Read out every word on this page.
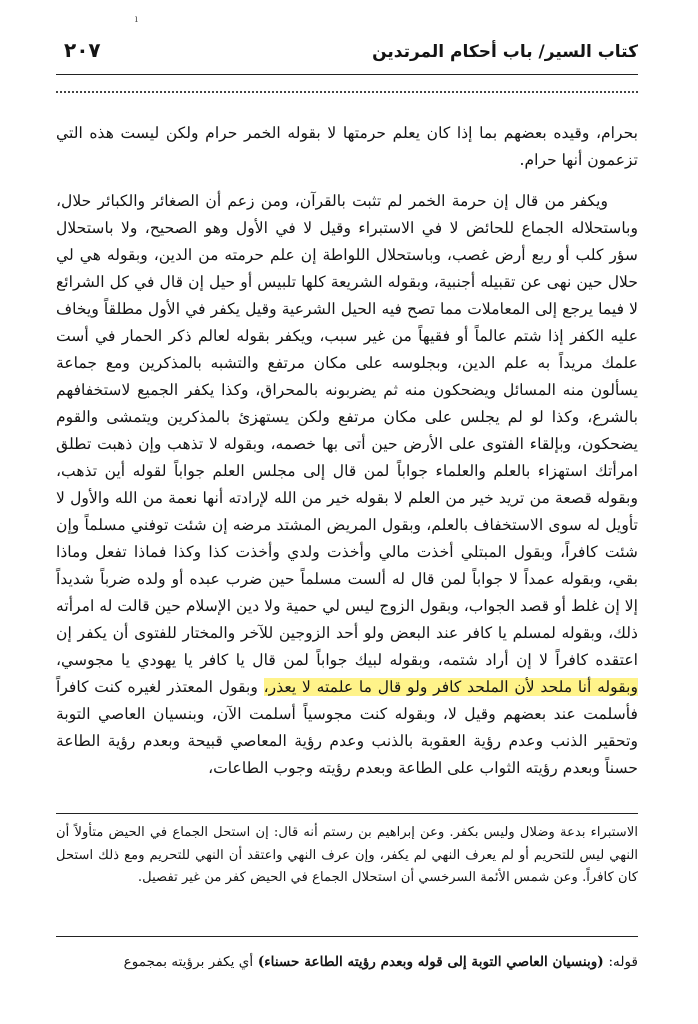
ı
كتاب السير/ باب أحكام المرتدين
٢٠٧

بحرام، وقيده بعضهم بما إذا كان يعلم حرمتها لا بقوله الخمر حرام ولكن ليست هذه التي تزعمون أنها حرام.

ويكفر من قال إن حرمة الخمر لم تثبت بالقرآن، ومن زعم أن الصغائر والكبائر حلال، وباستحلاله الجماع للحائض لا في الاستبراء وقيل لا في الأول وهو الصحيح، ولا باستحلال سؤر كلب أو ربع أرض غصب، وباستحلال اللواطة إن علم حرمته من الدين، وبقوله هي لي حلال حين نهى عن تقبيله أجنبية، وبقوله الشريعة كلها تلبيس أو حيل إن قال في كل الشرائع لا فيما يرجع إلى المعاملات مما تصح فيه الحيل الشرعية وقيل يكفر في الأول مطلقاً ويخاف عليه الكفر إذا شتم عالماً أو فقيهاً من غير سبب، ويكفر بقوله لعالم ذكر الحمار في أست علمك مريداً به علم الدين، وبجلوسه على مكان مرتفع والتشبه بالمذكرين ومع جماعة يسألون منه المسائل ويضحكون منه ثم يضربونه بالمحراق، وكذا يكفر الجميع لاستخفافهم بالشرع، وكذا لو لم يجلس على مكان مرتفع ولكن يستهزئ بالمذكرين ويتمشى والقوم يضحكون، وبإلقاء الفتوى على الأرض حين أتى بها خصمه، وبقوله لا تذهب وإن ذهبت تطلق امرأتك استهزاء بالعلم والعلماء جواباً لمن قال إلى مجلس العلم جواباً لقوله أين تذهب، وبقوله قصعة من تريد خير من العلم لا بقوله خير من الله لإرادته أنها نعمة من الله والأول لا تأويل له سوى الاستخفاف بالعلم، وبقول المريض المشتد مرضه إن شئت توفني مسلماً وإن شئت كافراً، وبقول المبتلي أخذت مالي وأخذت ولدي وأخذت كذا وكذا فماذا تفعل وماذا بقي، وبقوله عمداً لا جواباً لمن قال له ألست مسلماً حين ضرب عبده أو ولده ضرباً شديداً إلا إن غلط أو قصد الجواب، وبقول الزوج ليس لي حمية ولا دين الإسلام حين قالت له امرأته ذلك، وبقوله لمسلم يا كافر عند البعض ولو أحد الزوجين للآخر والمختار للفتوى أن يكفر إن اعتقده كافراً لا إن أراد شتمه، وبقوله لبيك جواباً لمن قال يا كافر يا يهودي يا مجوسي، وبقوله أنا ملحد لأن الملحد كافر ولو قال ما علمته لا يعذر، وبقول المعتذر لغيره كنت كافراً فأسلمت عند بعضهم وقيل لا، وبقوله كنت مجوسياً أسلمت الآن، وبنسيان العاصي التوبة وتحقير الذنب وعدم رؤية العقوبة بالذنب وعدم رؤية المعاصي قبيحة وبعدم رؤية الطاعة حسناً وبعدم رؤيته الثواب على الطاعة وبعدم رؤيته وجوب الطاعات،

الاستبراء بدعة وضلال وليس بكفر. وعن إبراهيم بن رستم أنه قال: إن استحل الجماع في الحيض متأولاً أن النهي ليس للتحريم أو لم يعرف النهي لم يكفر، وإن عرف النهي واعتقد أن النهي للتحريم ومع ذلك استحل كان كافراً. وعن شمس الأئمة السرخسي أن استحلال الجماع في الحيض كفر من غير تفصيل.

قوله: (وبنسيان العاصي التوبة إلى قوله وبعدم رؤيته الطاعة حسناء) أي يكفر برؤيته بمجموع
